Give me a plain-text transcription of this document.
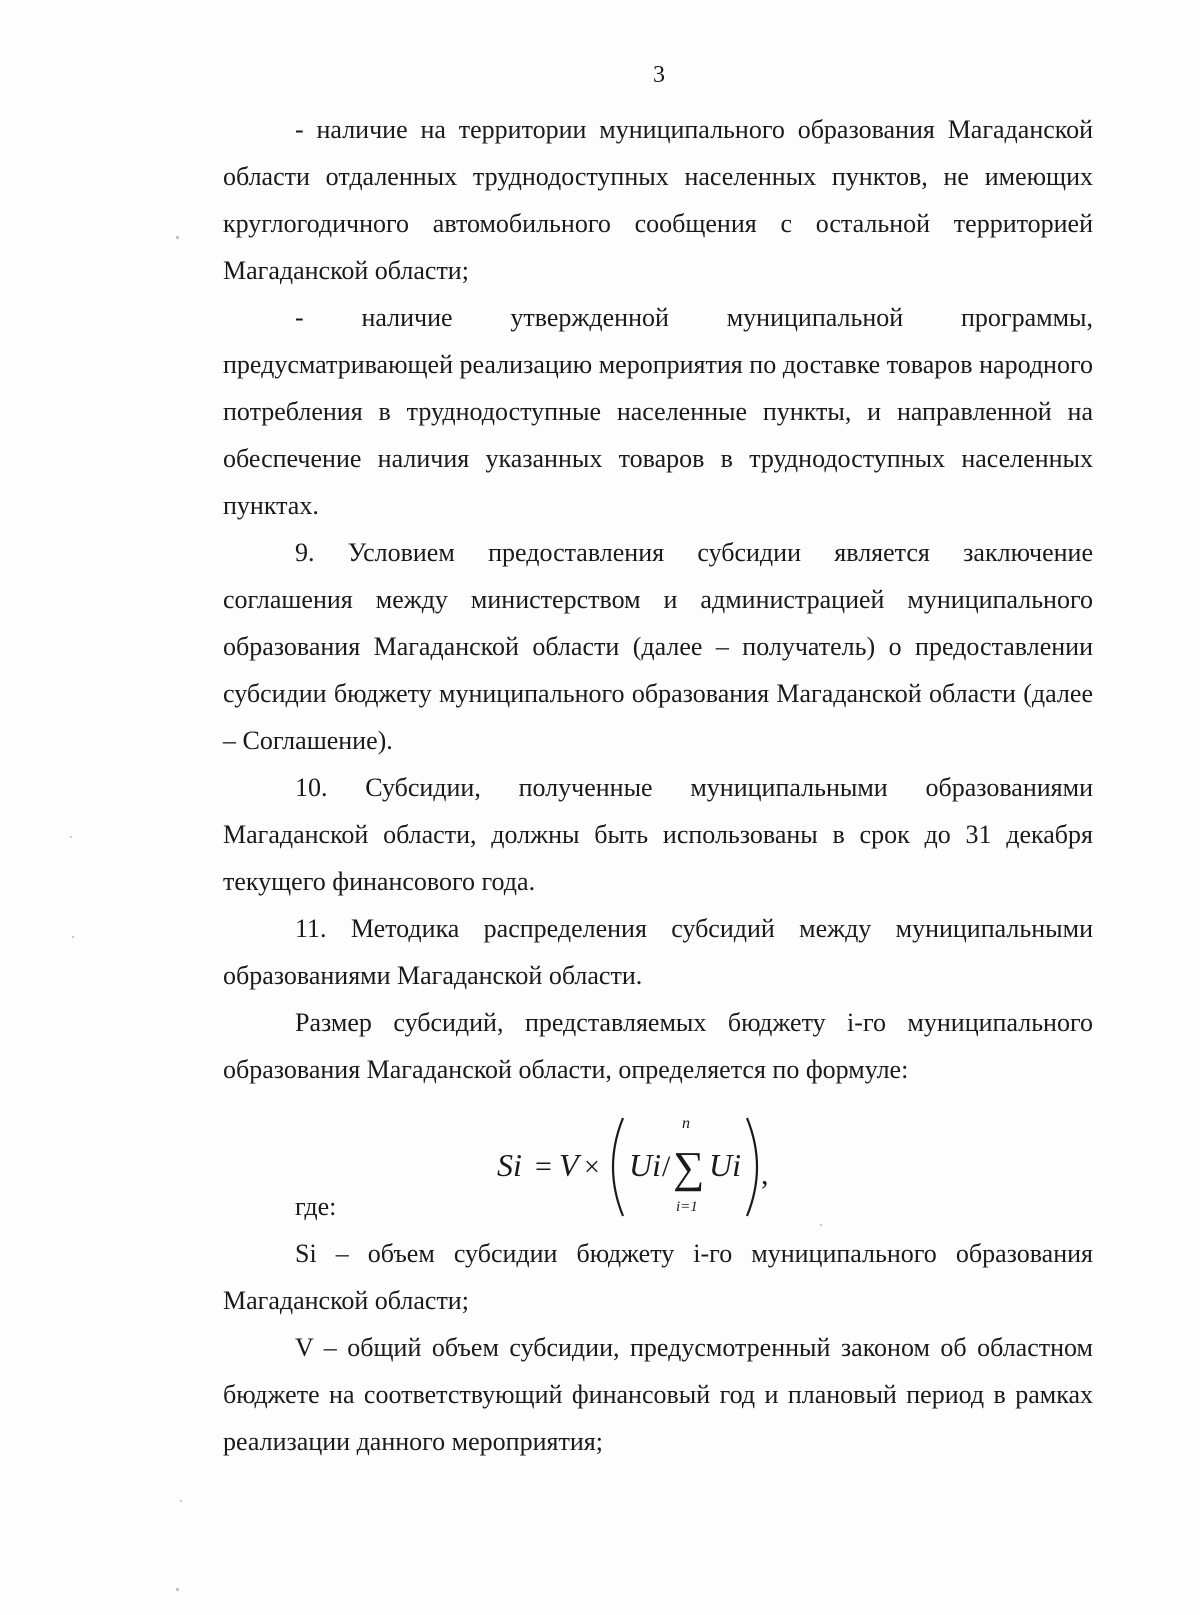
3

- наличие на территории муниципального образования Магаданской области отдаленных труднодоступных населенных пунктов, не имеющих круглогодичного автомобильного сообщения с остальной территорией Магаданской области;

- наличие утвержденной муниципальной программы, предусматривающей реализацию мероприятия по доставке товаров народного потребления в труднодоступные населенные пункты, и направленной на обеспечение наличия указанных товаров в труднодоступных населенных пунктах.

9. Условием предоставления субсидии является заключение соглашения между министерством и администрацией муниципального образования Магаданской области (далее – получатель) о предоставлении субсидии бюджету муниципального образования Магаданской области (далее – Соглашение).

10. Субсидии, полученные муниципальными образованиями Магаданской области, должны быть использованы в срок до 31 декабря текущего финансового года.

11. Методика распределения субсидий между муниципальными образованиями Магаданской области.

Размер субсидий, представляемых бюджету i-го муниципального образования Магаданской области, определяется по формуле:

Si = V × Ui /
n
∑
i=1
Ui ,

где:

Si – объем субсидии бюджету i-го муниципального образования Магаданской области;

V – общий объем субсидии, предусмотренный законом об областном бюджете на соответствующий финансовый год и плановый период в рамках реализации данного мероприятия;
